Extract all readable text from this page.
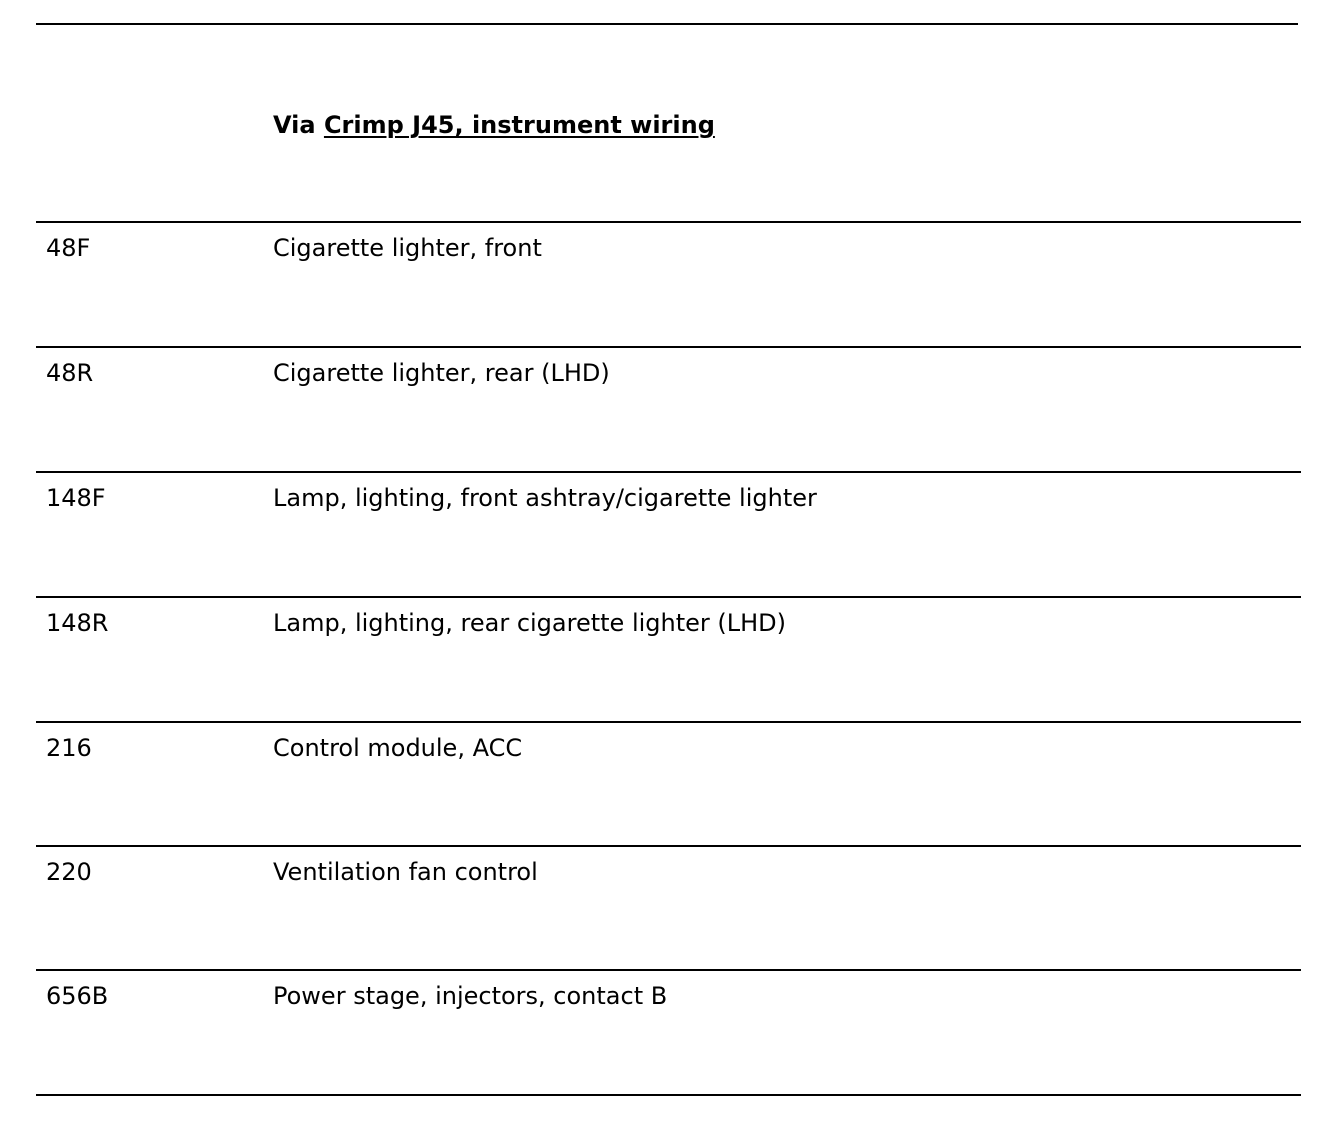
Via Crimp J45, instrument wiring
48F	Cigarette lighter, front
48R	Cigarette lighter, rear (LHD)
148F	Lamp, lighting, front ashtray/cigarette lighter
148R	Lamp, lighting, rear cigarette lighter (LHD)
216	Control module, ACC
220	Ventilation fan control
656B	Power stage, injectors, contact B
